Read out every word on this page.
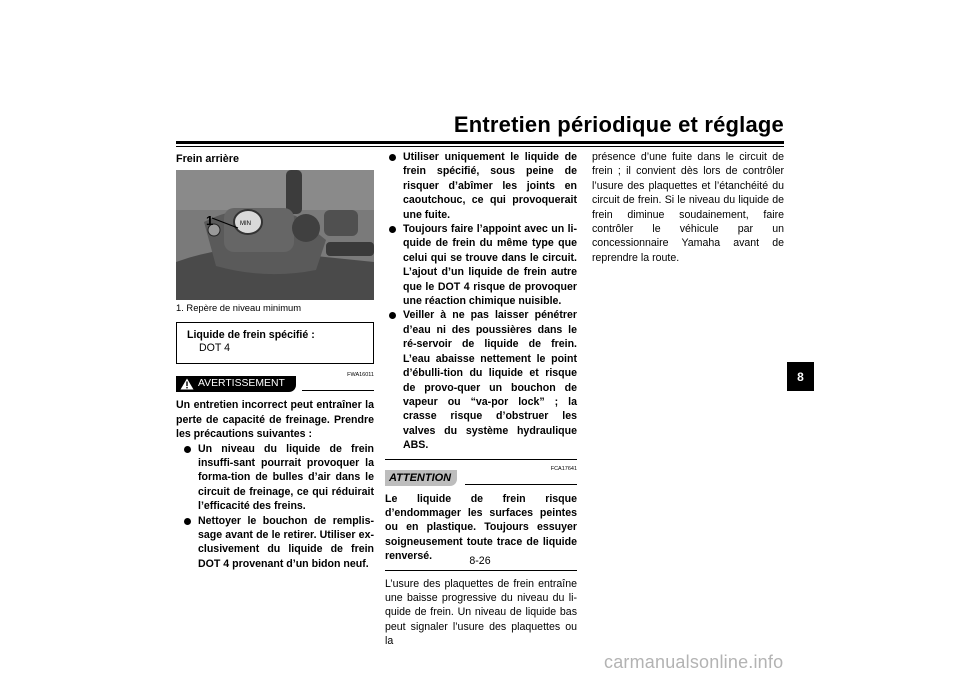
Entretien périodique et réglage
Frein arrière
1	MIN
1. Repère de niveau minimum
Liquide de frein spécifié :
DOT 4
AVERTISSEMENT
FWA16011
Un entretien incorrect peut entraîner la perte de capacité de freinage. Prendre les précautions suivantes :
Un niveau du liquide de frein insuffi-sant pourrait provoquer la forma-tion de bulles d’air dans le circuit de freinage, ce qui réduirait l’efficacité des freins.
Nettoyer le bouchon de remplis-sage avant de le retirer. Utiliser ex-clusivement du liquide de frein DOT 4 provenant d’un bidon neuf.
Utiliser uniquement le liquide de frein spécifié, sous peine de risquer d’abîmer les joints en caoutchouc, ce qui provoquerait une fuite.
Toujours faire l’appoint avec un li-quide de frein du même type que celui qui se trouve dans le circuit. L’ajout d’un liquide de frein autre que le DOT 4 risque de provoquer une réaction chimique nuisible.
Veiller à ne pas laisser pénétrer d’eau ni des poussières dans le ré-servoir de liquide de frein. L’eau abaisse nettement le point d’ébulli-tion du liquide et risque de provo-quer un bouchon de vapeur ou “va-por lock” ; la crasse risque d’obstruer les valves du système hydraulique ABS.
ATTENTION
FCA17641
Le liquide de frein risque d’endommager les surfaces peintes ou en plastique. Toujours essuyer soigneusement toute trace de liquide renversé.
L’usure des plaquettes de frein entraîne une baisse progressive du niveau du li-quide de frein. Un niveau de liquide bas peut signaler l’usure des plaquettes ou la
présence d’une fuite dans le circuit de frein ; il convient dès lors de contrôler l’usure des plaquettes et l’étanchéité du circuit de frein. Si le niveau du liquide de frein diminue soudainement, faire contrôler le véhicule par un concessionnaire Yamaha avant de reprendre la route.
8-26
8
carmanualsonline.info
